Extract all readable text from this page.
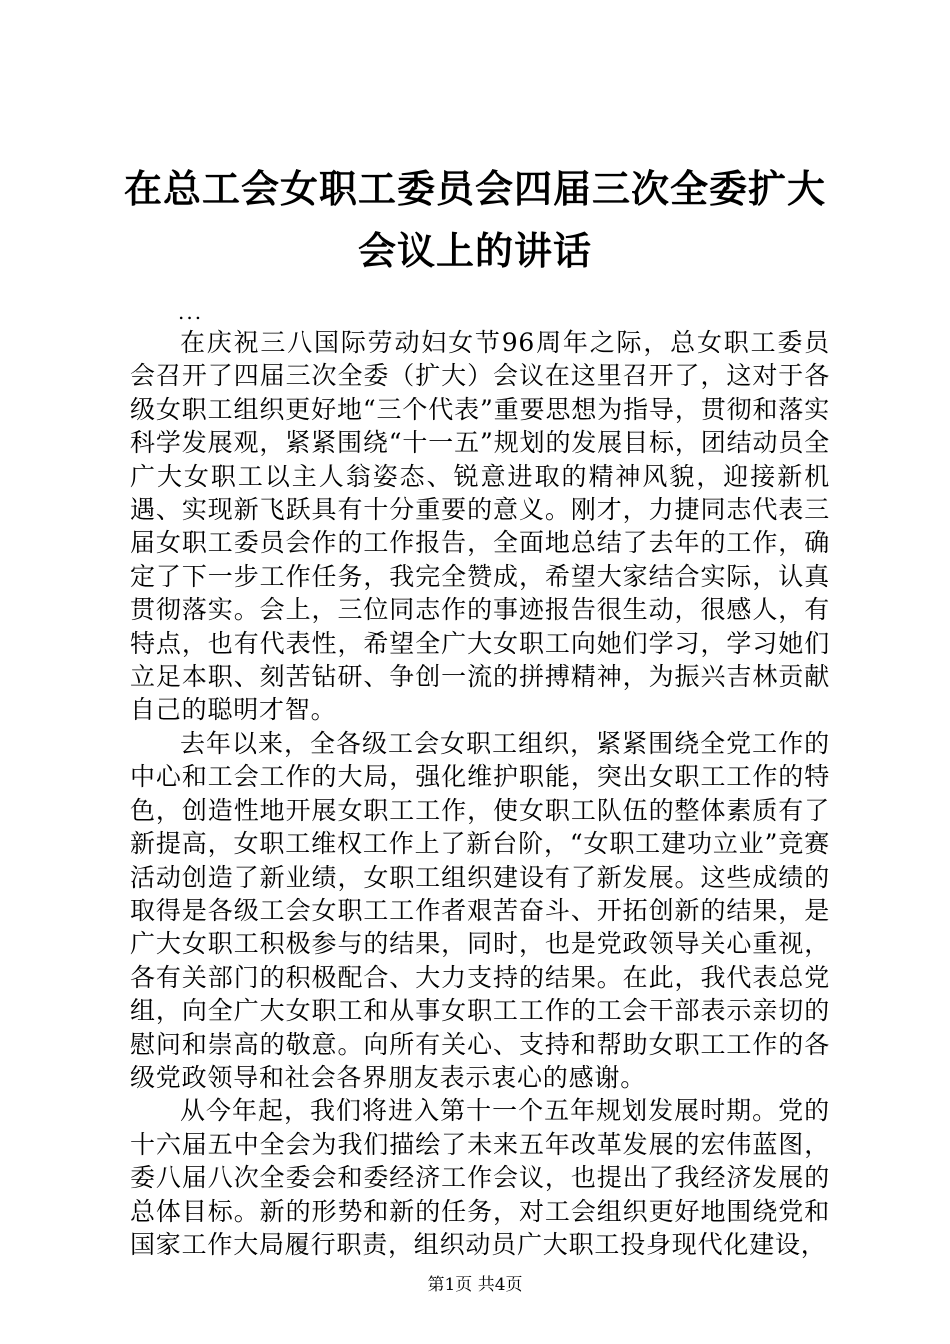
在总工会女职工委员会四届三次全委扩大会议上的讲话
...

在庆祝三八国际劳动妇女节96周年之际，总女职工委员会召开了四届三次全委（扩大）会议在这里召开了，这对于各级女职工组织更好地“三个代表”重要思想为指导，贯彻和落实科学发展观，紧紧围绕“十一五”规划的发展目标，团结动员全广大女职工以主人翁姿态、锐意进取的精神风貌，迎接新机遇、实现新飞跃具有十分重要的意义。刚才，力捷同志代表三届女职工委员会作的工作报告，全面地总结了去年的工作，确定了下一步工作任务，我完全赞成，希望大家结合实际，认真贯彻落实。会上，三位同志作的事迹报告很生动，很感人，有特点，也有代表性，希望全广大女职工向她们学习，学习她们立足本职、刻苦钻研、争创一流的拼搏精神，为振兴吉林贡献自己的聪明才智。

去年以来，全各级工会女职工组织，紧紧围绕全党工作的中心和工会工作的大局，强化维护职能，突出女职工工作的特色，创造性地开展女职工工作，使女职工队伍的整体素质有了新提高，女职工维权工作上了新台阶，“女职工建功立业”竞赛活动创造了新业绩，女职工组织建设有了新发展。这些成绩的取得是各级工会女职工工作者艰苦奋斗、开拓创新的结果，是广大女职工积极参与的结果，同时，也是党政领导关心重视，各有关部门的积极配合、大力支持的结果。在此，我代表总党组，向全广大女职工和从事女职工工作的工会干部表示亲切的慰问和崇高的敬意。向所有关心、支持和帮助女职工工作的各级党政领导和社会各界朋友表示衷心的感谢。

从今年起，我们将进入第十一个五年规划发展时期。党的十六届五中全会为我们描绘了未来五年改革发展的宏伟蓝图，委八届八次全委会和委经济工作会议，也提出了我经济发展的总体目标。新的形势和新的任务，对工会组织更好地围绕党和国家工作大局履行职责，组织动员广大职工投身现代化建设，

第1页 共4页
